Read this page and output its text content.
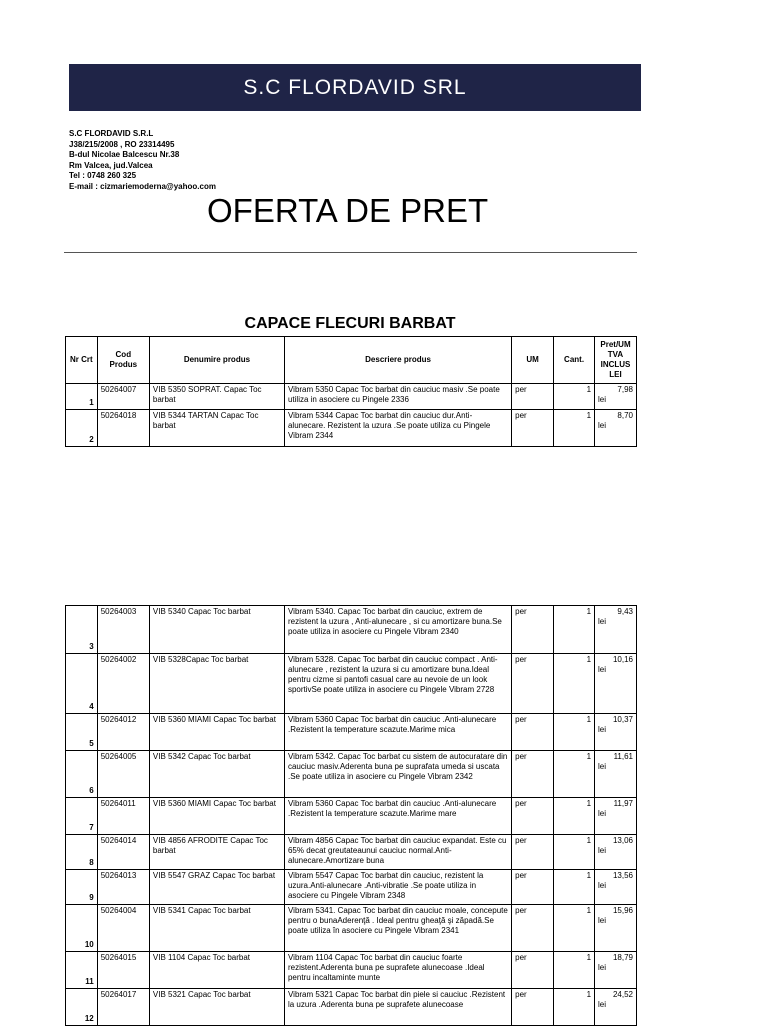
S.C FLORDAVID SRL
S.C FLORDAVID S.R.L
J38/215/2008 , RO 23314495
B-dul Nicolae Balcescu Nr.38
Rm Valcea, jud.Valcea
Tel : 0748 260 325
E-mail : cizmariemoderna@yahoo.com
OFERTA DE PRET
CAPACE FLECURI BARBAT
Nr Crt	Cod Produs	Denumire produs	Descriere produs	UM	Cant.	Pret/UM TVA INCLUS LEI
1	50264007	VIB 5350 SOPRAT. Capac Toc barbat	Vibram 5350 Capac Toc barbat din cauciuc masiv .Se poate utiliza in asociere cu Pingele 2336	per	1	7,98
lei

2	50264018	VIB 5344 TARTAN Capac Toc barbat	Vibram 5344 Capac Toc barbat din cauciuc dur.Anti-alunecare. Rezistent la uzura .Se poate utiliza cu Pingele Vibram 2344	per	1	8,70
lei
3	50264003	VIB 5340 Capac Toc barbat	Vibram 5340. Capac Toc barbat din cauciuc, extrem de rezistent la uzura , Anti-alunecare , si cu amortizare buna.Se poate utiliza in asociere cu Pingele Vibram 2340	per	1	9,43
lei

4	50264002	VIB 5328Capac Toc barbat	Vibram 5328. Capac Toc barbat din cauciuc compact . Anti-alunecare , rezistent la uzura si cu amortizare buna.Ideal pentru cizme si pantofi casual care au nevoie de un look sportivSe poate utiliza in asociere cu Pingele Vibram 2728	per	1	10,16
lei

5	50264012	VIB 5360 MIAMI Capac Toc barbat	Vibram 5360 Capac Toc barbat din cauciuc .Anti-alunecare .Rezistent la temperature scazute.Marime mica	per	1	10,37
lei

6	50264005	VIB 5342 Capac Toc barbat	Vibram 5342. Capac Toc barbat cu sistem de autocuratare din cauciuc masiv.Aderenta buna pe suprafata umeda si uscata .Se poate utiliza in asociere cu Pingele Vibram 2342	per	1	11,61
lei

7	50264011	VIB 5360 MIAMI Capac Toc barbat	Vibram 5360 Capac Toc barbat din cauciuc .Anti-alunecare .Rezistent la temperature scazute.Marime mare	per	1	11,97
lei

8	50264014	VIB 4856 AFRODITE Capac Toc barbat	Vibram 4856 Capac Toc barbat din cauciuc expandat. Este cu 65% decat greutateaunui cauciuc normal.Anti-alunecare.Amortizare buna	per	1	13,06
lei

9	50264013	VIB 5547 GRAZ Capac Toc barbat	Vibram 5547 Capac Toc barbat din cauciuc, rezistent la uzura.Anti-alunecare .Anti-vibratie .Se poate utiliza in asociere cu Pingele Vibram 2348	per	1	13,56
lei

10	50264004	VIB 5341 Capac Toc barbat	Vibram 5341. Capac Toc barbat din cauciuc moale, concepute pentru o bunaAderenţă . Ideal pentru gheaţă şi zăpadă.Se poate utiliza în asociere cu Pingele Vibram 2341	per	1	15,96
lei

11	50264015	VIB 1104 Capac Toc barbat	Vibram 1104 Capac Toc barbat din cauciuc foarte rezistent.Aderenta buna pe suprafete alunecoase .Ideal pentru incaltaminte munte	per	1	18,79
lei

12	50264017	VIB 5321 Capac Toc barbat	Vibram 5321 Capac Toc barbat din piele si cauciuc .Rezistent la uzura .Aderenta buna pe suprafete alunecoase	per	1	24,52
lei
